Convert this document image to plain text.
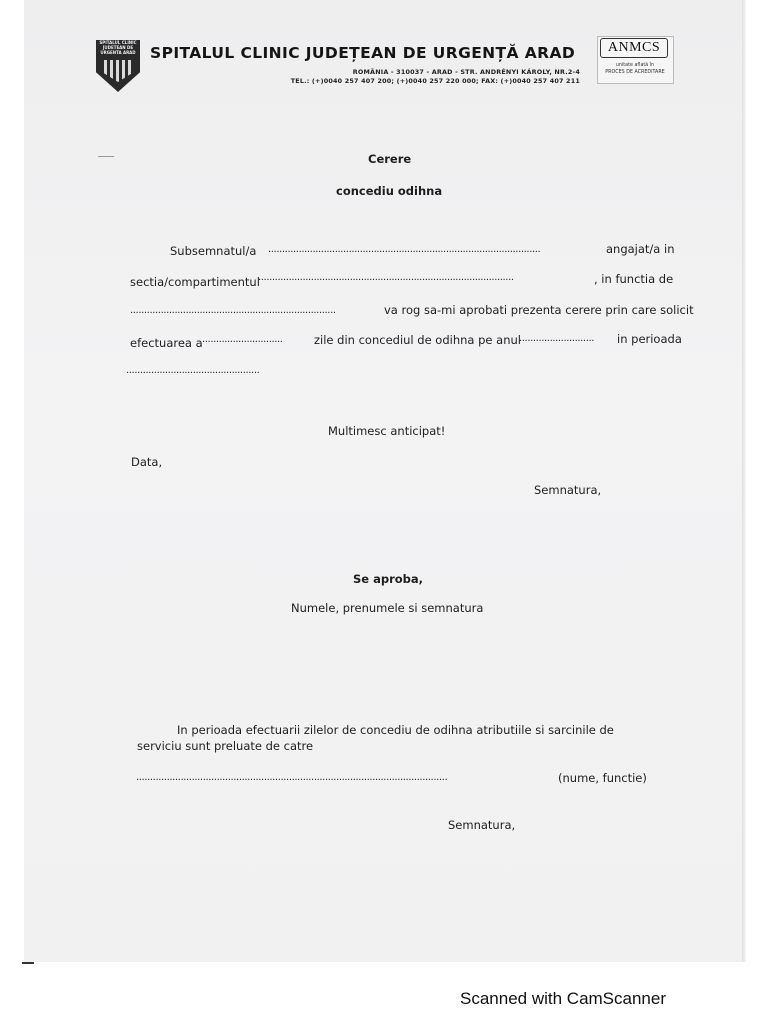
SPITALUL CLINIC JUDETEAN DE URGENTA ARAD SPITALUL CLINIC JUDEȚEAN DE URGENȚĂ ARAD
ROMÂNIA - 310037 - ARAD - STR. ANDRÉNYI KÁROLY, NR.2-4
TEL.: (+)0040 257 407 200; (+)0040 257 220 000; FAX: (+)0040 257 407 211
ANMCS
unitate aflată în
PROCES DE ACREDITARE
Cerere
concediu odihna
Subsemnatul/a ..................................................................................................	angajat/a in
sectia/compartimentul
............................................................................................	, in functia de
..........................................................................	va rog sa-mi aprobati prezenta cerere prin care solicit
efectuarea a .............................	zile din concediul de odihna pe anul
........................... in perioada
................................................
Multimesc anticipat!
Data,
Semnatura,
Se aproba,
Numele, prenumele si semnatura
In perioada efectuarii zilelor de concediu de odihna atributiile si sarcinile de
serviciu sunt preluate de catre
................................................................................................................	(nume, functie)
Semnatura,
Scanned with CamScanner
